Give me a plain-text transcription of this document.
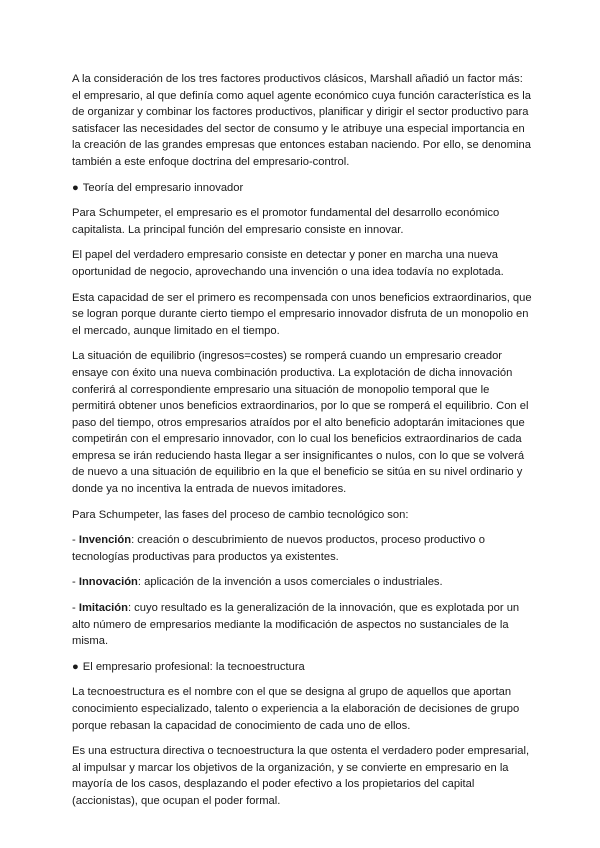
A la consideración de los tres factores productivos clásicos, Marshall añadió un factor más: el empresario, al que definía como aquel agente económico cuya función característica es la de organizar y combinar los factores productivos, planificar y dirigir el sector productivo para satisfacer las necesidades del sector de consumo y le atribuye una especial importancia en la creación de las grandes empresas que entonces estaban naciendo. Por ello, se denomina también a este enfoque doctrina del empresario-control.

● Teoría del empresario innovador

Para Schumpeter, el empresario es el promotor fundamental del desarrollo económico capitalista. La principal función del empresario consiste en innovar.

El papel del verdadero empresario consiste en detectar y poner en marcha una nueva oportunidad de negocio, aprovechando una invención o una idea todavía no explotada.

Esta capacidad de ser el primero es recompensada con unos beneficios extraordinarios, que se logran porque durante cierto tiempo el empresario innovador disfruta de un monopolio en el mercado, aunque limitado en el tiempo.

La situación de equilibrio (ingresos=costes) se romperá cuando un empresario creador ensaye con éxito una nueva combinación productiva. La explotación de dicha innovación conferirá al correspondiente empresario una situación de monopolio temporal que le permitirá obtener unos beneficios extraordinarios, por lo que se romperá el equilibrio. Con el paso del tiempo, otros empresarios atraídos por el alto beneficio adoptarán imitaciones que competirán con el empresario innovador, con lo cual los beneficios extraordinarios de cada empresa se irán reduciendo hasta llegar a ser insignificantes o nulos, con lo que se volverá de nuevo a una situación de equilibrio en la que el beneficio se sitúa en su nivel ordinario y donde ya no incentiva la entrada de nuevos imitadores.

Para Schumpeter, las fases del proceso de cambio tecnológico son:

- Invención: creación o descubrimiento de nuevos productos, proceso productivo o tecnologías productivas para productos ya existentes.

- Innovación: aplicación de la invención a usos comerciales o industriales.

- Imitación: cuyo resultado es la generalización de la innovación, que es explotada por un alto número de empresarios mediante la modificación de aspectos no sustanciales de la misma.

● El empresario profesional: la tecnoestructura

La tecnoestructura es el nombre con el que se designa al grupo de aquellos que aportan conocimiento especializado, talento o experiencia a la elaboración de decisiones de grupo porque rebasan la capacidad de conocimiento de cada uno de ellos.

Es una estructura directiva o tecnoestructura la que ostenta el verdadero poder empresarial, al impulsar y marcar los objetivos de la organización, y se convierte en empresario en la mayoría de los casos, desplazando el poder efectivo a los propietarios del capital (accionistas), que ocupan el poder formal.
